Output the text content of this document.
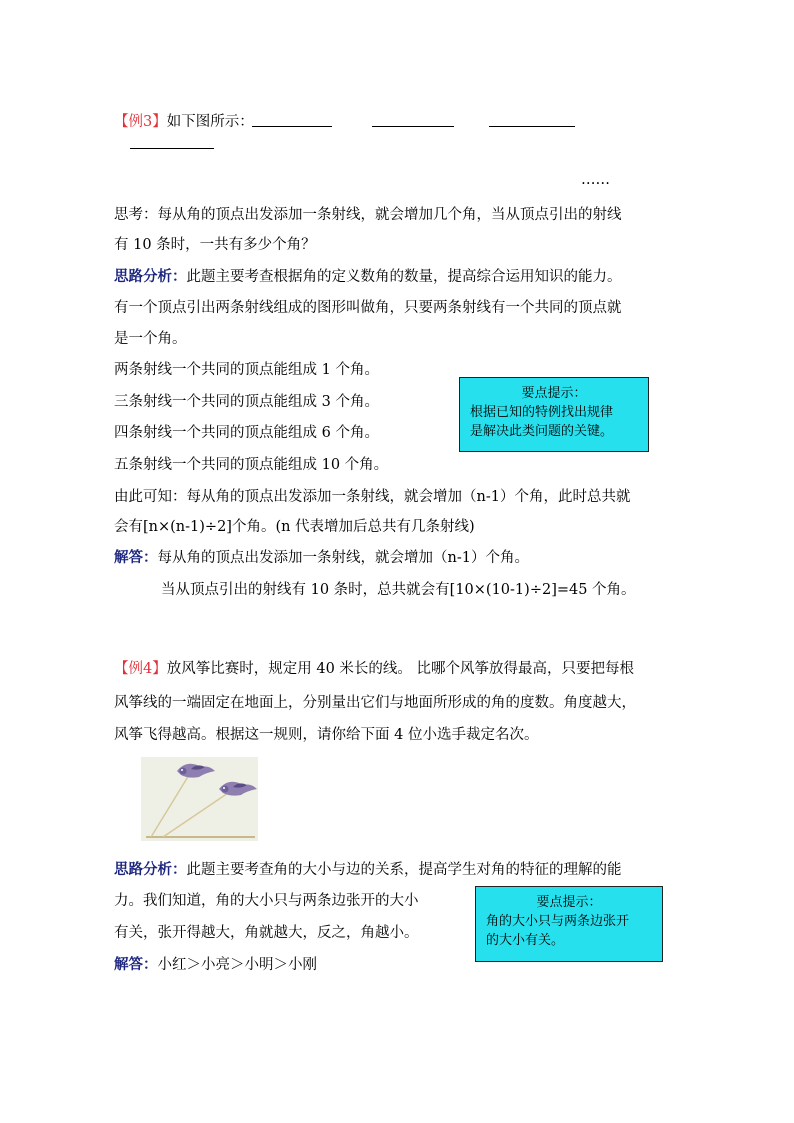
【例3】如下图所示：
……
思考：每从角的顶点出发添加一条射线，就会增加几个角，当从顶点引出的射线
有 10 条时，一共有多少个角？
思路分析：此题主要考查根据角的定义数角的数量，提高综合运用知识的能力。
有一个顶点引出两条射线组成的图形叫做角，只要两条射线有一个共同的顶点就
是一个角。
两条射线一个共同的顶点能组成 1 个角。
三条射线一个共同的顶点能组成 3 个角。
四条射线一个共同的顶点能组成 6 个角。
五条射线一个共同的顶点能组成 10 个角。
要点提示：
根据已知的特例找出规律
是解决此类问题的关键。
由此可知：每从角的顶点出发添加一条射线，就会增加（n-1）个角，此时总共就
会有[n×(n-1)÷2]个角。(n 代表增加后总共有几条射线)
解答：每从角的顶点出发添加一条射线，就会增加（n-1）个角。
当从顶点引出的射线有 10 条时，总共就会有[10×(10-1)÷2]=45 个角。
【例4】放风筝比赛时，规定用 40 米长的线。 比哪个风筝放得最高，只要把每根
风筝线的一端固定在地面上，分别量出它们与地面所形成的角的度数。角度越大，
风筝飞得越高。根据这一规则，请你给下面 4 位小选手裁定名次。
思路分析：此题主要考查角的大小与边的关系，提高学生对角的特征的理解的能
力。我们知道，角的大小只与两条边张开的大小
有关，张开得越大，角就越大，反之，角越小。
要点提示：
角的大小只与两条边张开
的大小有关。
解答：小红＞小亮＞小明＞小刚
